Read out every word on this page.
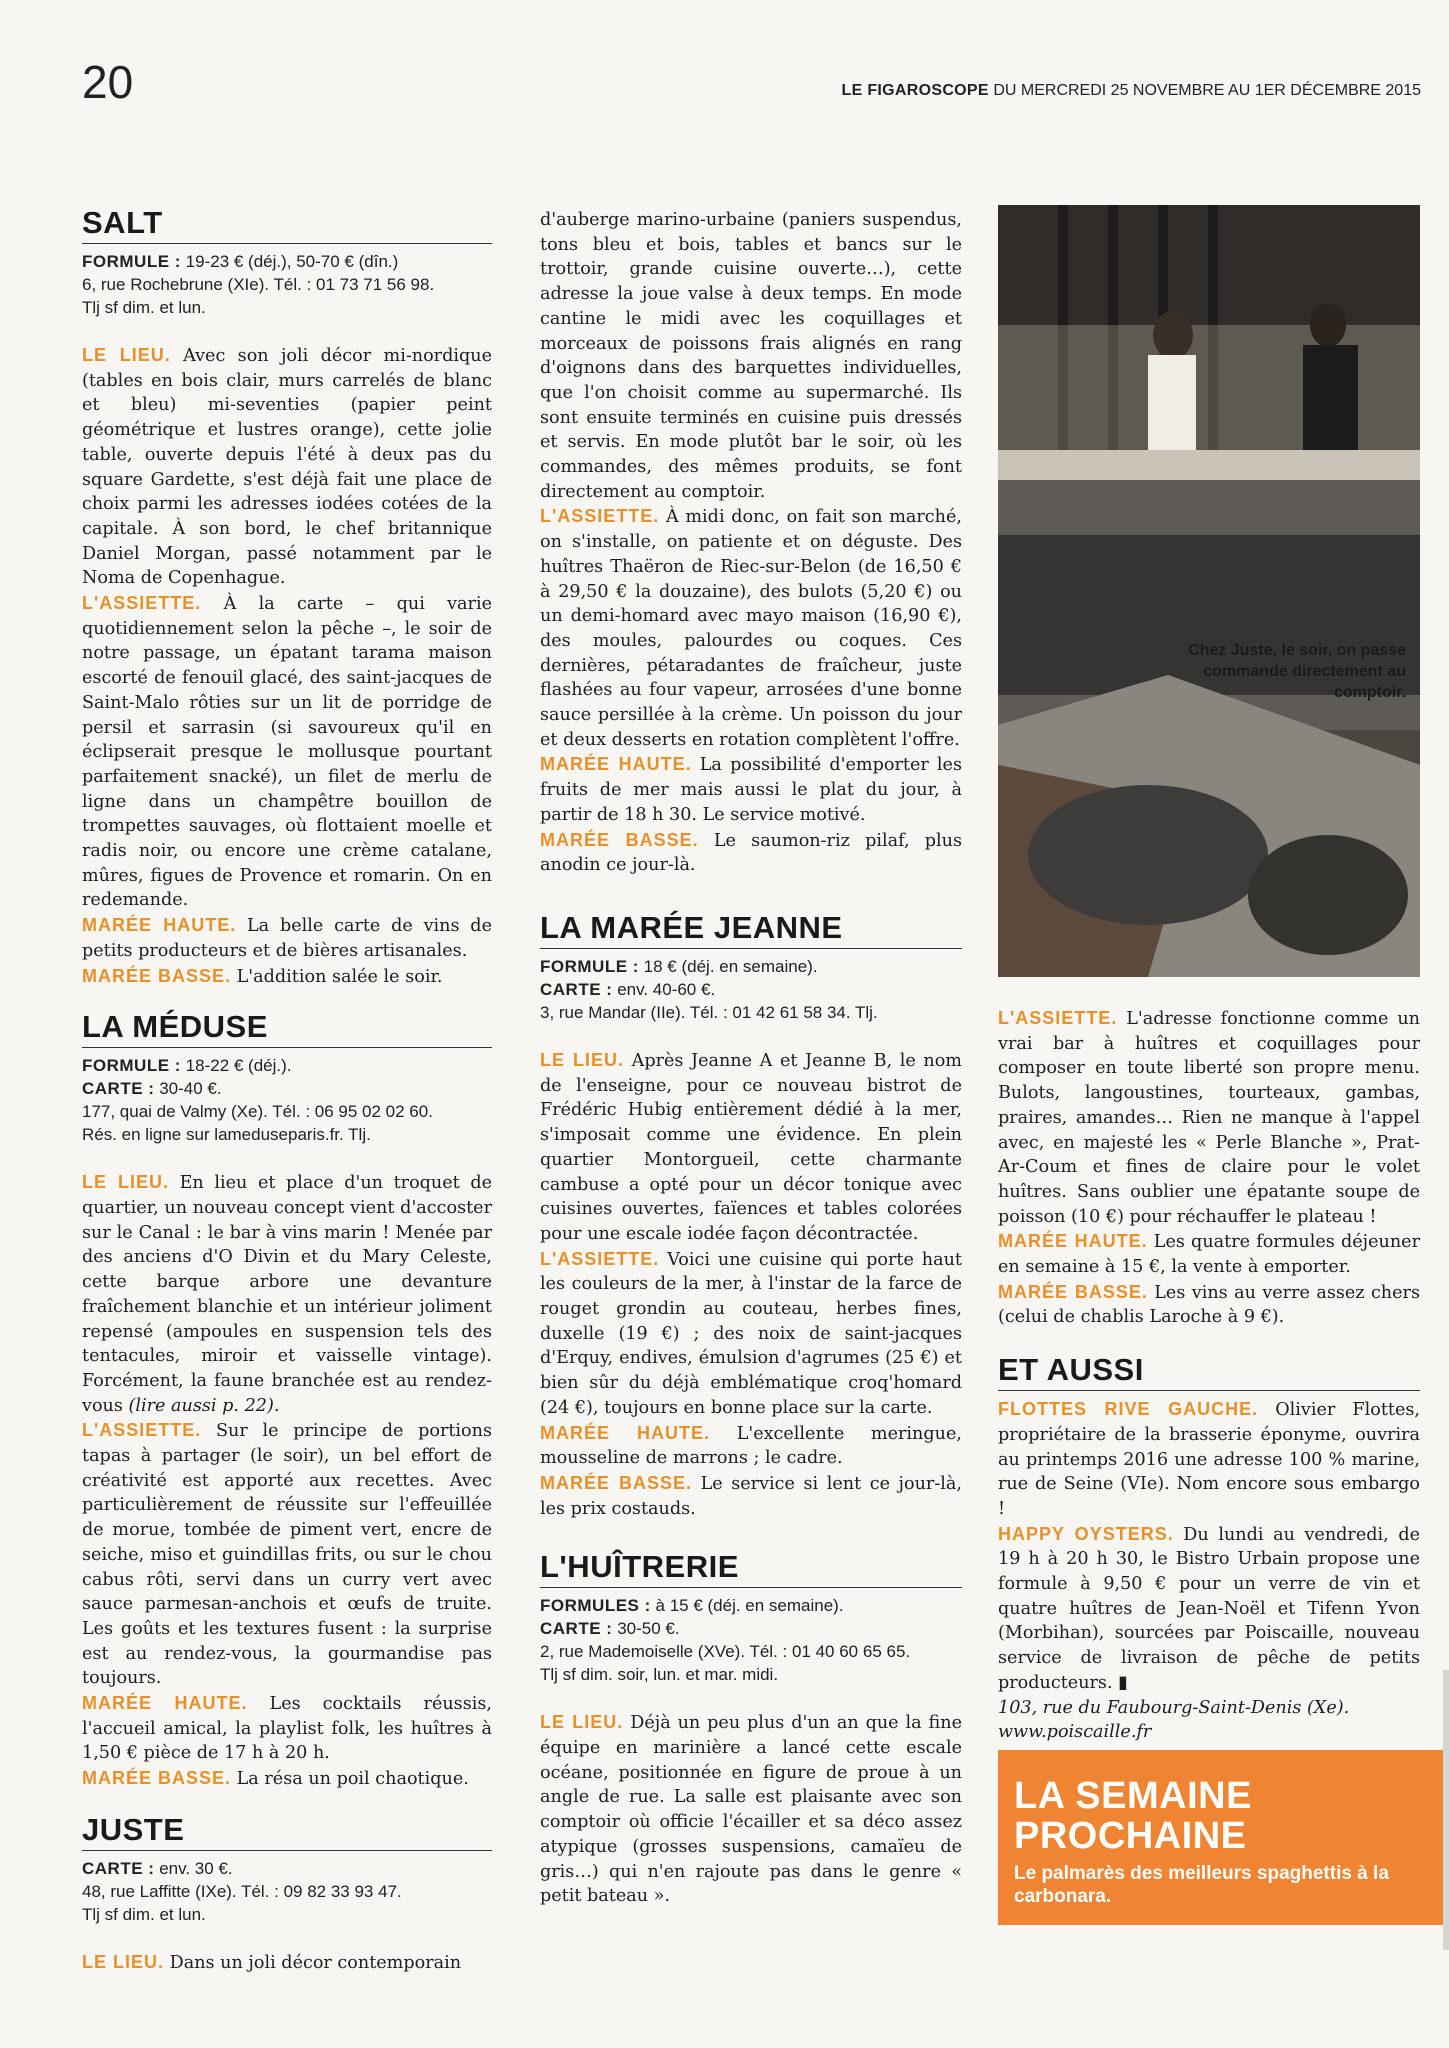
20	LE FIGAROSCOPE DU MERCREDI 25 NOVEMBRE AU 1ER DÉCEMBRE 2015
SALT
FORMULE : 19-23 € (déj.), 50-70 € (dîn.)
6, rue Rochebrune (XIe). Tél. : 01 73 71 56 98.
Tlj sf dim. et lun.

LE LIEU. Avec son joli décor mi-nordique (tables en bois clair, murs carrelés de blanc et bleu) mi-seventies (papier peint géométrique et lustres orange), cette jolie table, ouverte depuis l'été à deux pas du square Gardette, s'est déjà fait une place de choix parmi les adresses iodées cotées de la capitale. À son bord, le chef britannique Daniel Morgan, passé notamment par le Noma de Copenhague.

L'ASSIETTE. À la carte – qui varie quotidiennement selon la pêche –, le soir de notre passage, un épatant tarama maison escorté de fenouil glacé, des saint-jacques de Saint-Malo rôties sur un lit de porridge de persil et sarrasin (si savoureux qu'il en éclipserait presque le mollusque pourtant parfaitement snacké), un filet de merlu de ligne dans un champêtre bouillon de trompettes sauvages, où flottaient moelle et radis noir, ou encore une crème catalane, mûres, figues de Provence et romarin. On en redemande.

MARÉE HAUTE. La belle carte de vins de petits producteurs et de bières artisanales.

MARÉE BASSE. L'addition salée le soir.

LA MÉDUSE
FORMULE : 18-22 € (déj.).
CARTE : 30-40 €.
177, quai de Valmy (Xe). Tél. : 06 95 02 02 60.
Rés. en ligne sur lameduseparis.fr. Tlj.

LE LIEU. En lieu et place d'un troquet de quartier, un nouveau concept vient d'accoster sur le Canal : le bar à vins marin ! Menée par des anciens d'O Divin et du Mary Celeste, cette barque arbore une devanture fraîchement blanchie et un intérieur joliment repensé (ampoules en suspension tels des tentacules, miroir et vaisselle vintage). Forcément, la faune branchée est au rendez-vous (lire aussi p. 22).

L'ASSIETTE. Sur le principe de portions tapas à partager (le soir), un bel effort de créativité est apporté aux recettes. Avec particulièrement de réussite sur l'effeuillée de morue, tombée de piment vert, encre de seiche, miso et guindillas frits, ou sur le chou cabus rôti, servi dans un curry vert avec sauce parmesan-anchois et œufs de truite. Les goûts et les textures fusent : la surprise est au rendez-vous, la gourmandise pas toujours.

MARÉE HAUTE. Les cocktails réussis, l'accueil amical, la playlist folk, les huîtres à 1,50 € pièce de 17 h à 20 h.

MARÉE BASSE. La résa un poil chaotique.

JUSTE
CARTE : env. 30 €.
48, rue Laffitte (IXe). Tél. : 09 82 33 93 47.
Tlj sf dim. et lun.

LE LIEU. Dans un joli décor contemporain

d'auberge marino-urbaine (paniers suspendus, tons bleu et bois, tables et bancs sur le trottoir, grande cuisine ouverte…), cette adresse la joue valse à deux temps. En mode cantine le midi avec les coquillages et morceaux de poissons frais alignés en rang d'oignons dans des barquettes individuelles, que l'on choisit comme au supermarché. Ils sont ensuite terminés en cuisine puis dressés et servis. En mode plutôt bar le soir, où les commandes, des mêmes produits, se font directement au comptoir.

L'ASSIETTE. À midi donc, on fait son marché, on s'installe, on patiente et on déguste. Des huîtres Thaëron de Riec-sur-Belon (de 16,50 € à 29,50 € la douzaine), des bulots (5,20 €) ou un demi-homard avec mayo maison (16,90 €), des moules, palourdes ou coques. Ces dernières, pétaradantes de fraîcheur, juste flashées au four vapeur, arrosées d'une bonne sauce persillée à la crème. Un poisson du jour et deux desserts en rotation complètent l'offre.

MARÉE HAUTE. La possibilité d'emporter les fruits de mer mais aussi le plat du jour, à partir de 18 h 30. Le service motivé.

MARÉE BASSE. Le saumon-riz pilaf, plus anodin ce jour-là.

LA MARÉE JEANNE
FORMULE : 18 € (déj. en semaine).
CARTE : env. 40-60 €.
3, rue Mandar (IIe). Tél. : 01 42 61 58 34. Tlj.

LE LIEU. Après Jeanne A et Jeanne B, le nom de l'enseigne, pour ce nouveau bistrot de Frédéric Hubig entièrement dédié à la mer, s'imposait comme une évidence. En plein quartier Montorgueil, cette charmante cambuse a opté pour un décor tonique avec cuisines ouvertes, faïences et tables colorées pour une escale iodée façon décontractée.

L'ASSIETTE. Voici une cuisine qui porte haut les couleurs de la mer, à l'instar de la farce de rouget grondin au couteau, herbes fines, duxelle (19 €) ; des noix de saint-jacques d'Erquy, endives, émulsion d'agrumes (25 €) et bien sûr du déjà emblématique croq'homard (24 €), toujours en bonne place sur la carte.

MARÉE HAUTE. L'excellente meringue, mousseline de marrons ; le cadre.

MARÉE BASSE. Le service si lent ce jour-là, les prix costauds.

L'HUÎTRERIE
FORMULES : à 15 € (déj. en semaine).
CARTE : 30-50 €.
2, rue Mademoiselle (XVe). Tél. : 01 40 60 65 65.
Tlj sf dim. soir, lun. et mar. midi.

LE LIEU. Déjà un peu plus d'un an que la fine équipe en marinière a lancé cette escale océane, positionnée en figure de proue à un angle de rue. La salle est plaisante avec son comptoir où officie l'écailler et sa déco assez atypique (grosses suspensions, camaïeu de gris…) qui n'en rajoute pas dans le genre « petit bateau ».

Chez Juste, le soir, on passe commande directement au comptoir.

L'ASSIETTE. L'adresse fonctionne comme un vrai bar à huîtres et coquillages pour composer en toute liberté son propre menu. Bulots, langoustines, tourteaux, gambas, praires, amandes… Rien ne manque à l'appel avec, en majesté les « Perle Blanche », Prat-Ar-Coum et fines de claire pour le volet huîtres. Sans oublier une épatante soupe de poisson (10 €) pour réchauffer le plateau !

MARÉE HAUTE. Les quatre formules déjeuner en semaine à 15 €, la vente à emporter.

MARÉE BASSE. Les vins au verre assez chers (celui de chablis Laroche à 9 €).

ET AUSSI

FLOTTES RIVE GAUCHE. Olivier Flottes, propriétaire de la brasserie éponyme, ouvrira au printemps 2016 une adresse 100 % marine, rue de Seine (VIe). Nom encore sous embargo !

HAPPY OYSTERS. Du lundi au vendredi, de 19 h à 20 h 30, le Bistro Urbain propose une formule à 9,50 € pour un verre de vin et quatre huîtres de Jean-Noël et Tifenn Yvon (Morbihan), sourcées par Poiscaille, nouveau service de livraison de pêche de petits producteurs. ▮

103, rue du Faubourg-Saint-Denis (Xe).

www.poiscaille.fr

LA SEMAINE
PROCHAINE
Le palmarès des meilleurs spaghettis à la carbonara.
